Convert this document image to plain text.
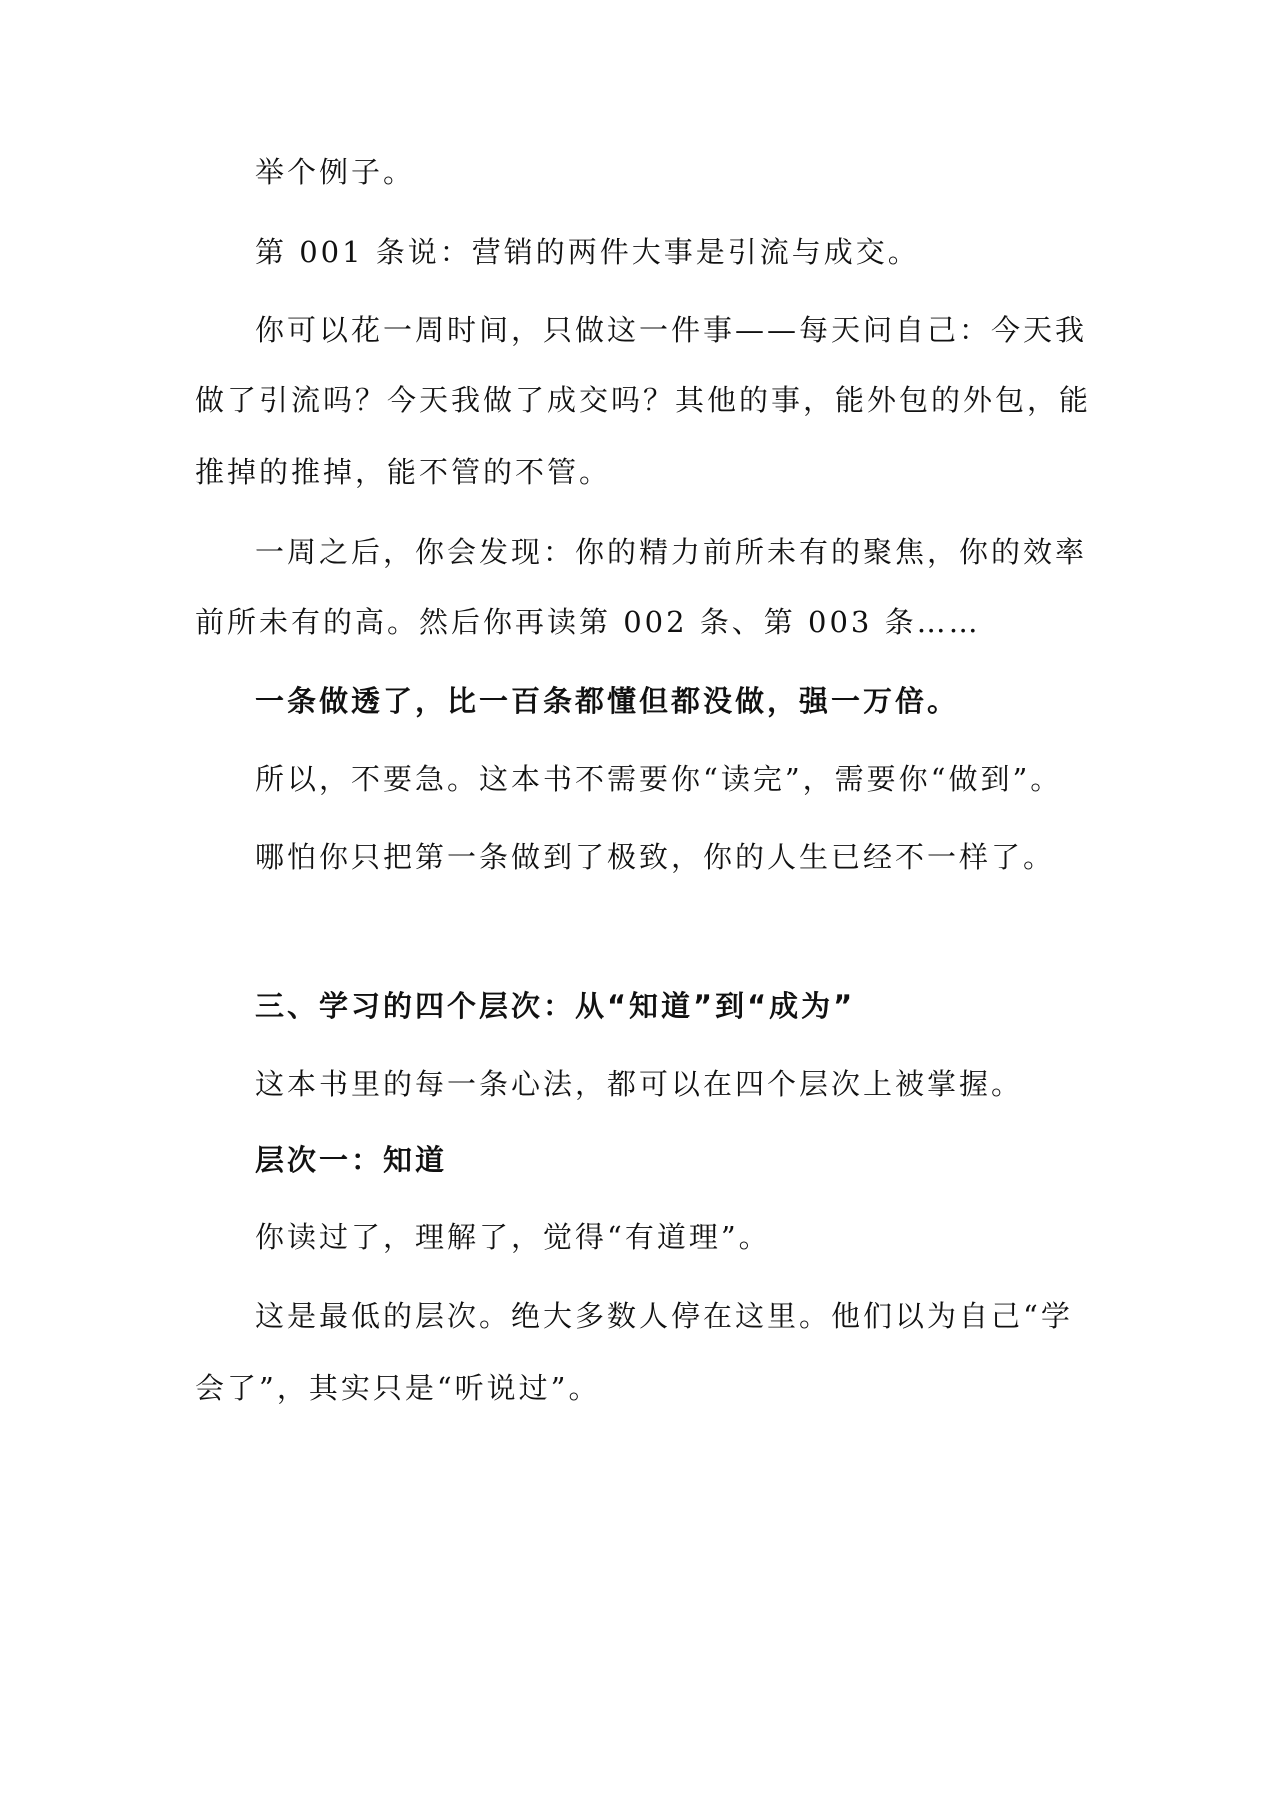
举个例子。

第 001 条说：营销的两件大事是引流与成交。

你可以花一周时间，只做这一件事——每天问自己：今天我

做了引流吗？今天我做了成交吗？其他的事，能外包的外包，能

推掉的推掉，能不管的不管。

一周之后，你会发现：你的精力前所未有的聚焦，你的效率

前所未有的高。然后你再读第 002 条、第 003 条……

一条做透了，比一百条都懂但都没做，强一万倍。

所以，不要急。这本书不需要你“读完”，需要你“做到”。

哪怕你只把第一条做到了极致，你的人生已经不一样了。

三、学习的四个层次：从“知道”到“成为”

这本书里的每一条心法，都可以在四个层次上被掌握。

层次一：知道

你读过了，理解了，觉得“有道理”。

这是最低的层次。绝大多数人停在这里。他们以为自己“学

会了”，其实只是“听说过”。
